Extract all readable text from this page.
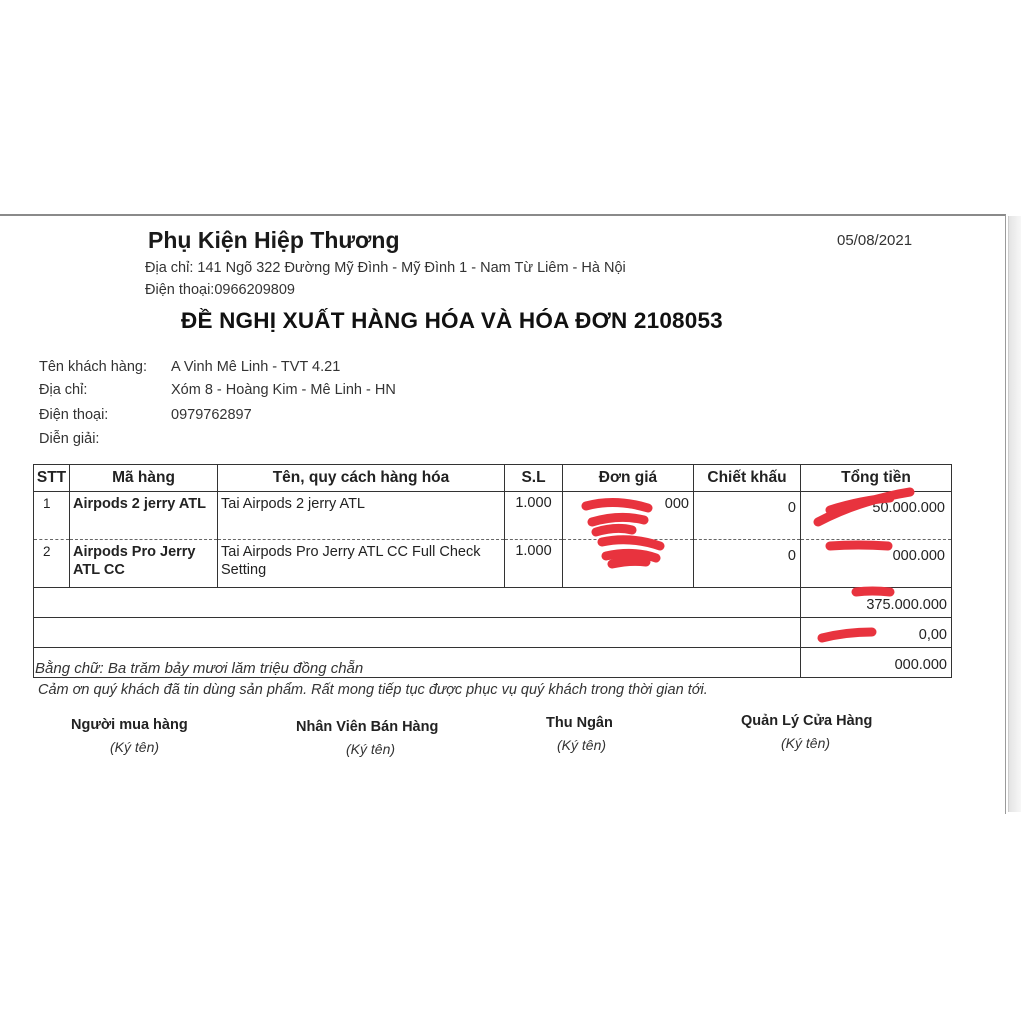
Phụ Kiện Hiệp Thương	05/08/2021
Địa chỉ: 141 Ngõ 322 Đường Mỹ Đình - Mỹ Đình 1 - Nam Từ Liêm - Hà Nội
Điện thoại:0966209809
ĐỀ NGHỊ XUẤT HÀNG HÓA VÀ HÓA ĐƠN 2108053
Tên khách hàng: A Vinh Mê Linh - TVT 4.21
Địa chỉ:	Xóm 8 - Hoàng Kim - Mê Linh - HN
Điện thoại:	0979762897
Diễn giải:
STT	Mã hàng	Tên, quy cách hàng hóa	S.L	Đơn giá	Chiết khấu	Tổng tiền
1	Airpods 2 jerry ATL	Tai Airpods 2 jerry ATL	1.000	000	0	50.000.000
2	Airpods Pro Jerry ATL CC	Tai Airpods Pro Jerry ATL CC Full Check Setting	1.000		0	000.000
						375.000.000
						0,00
						000.000
Bằng chữ: Ba trăm bảy mươi lăm triệu đồng chẵn
Cảm ơn quý khách đã tin dùng sản phẩm. Rất mong tiếp tục được phục vụ quý khách trong thời gian tới.
Người mua hàng
(Ký tên)
Nhân Viên Bán Hàng
(Ký tên)
Thu Ngân
(Ký tên)
Quản Lý Cửa Hàng
(Ký tên)
